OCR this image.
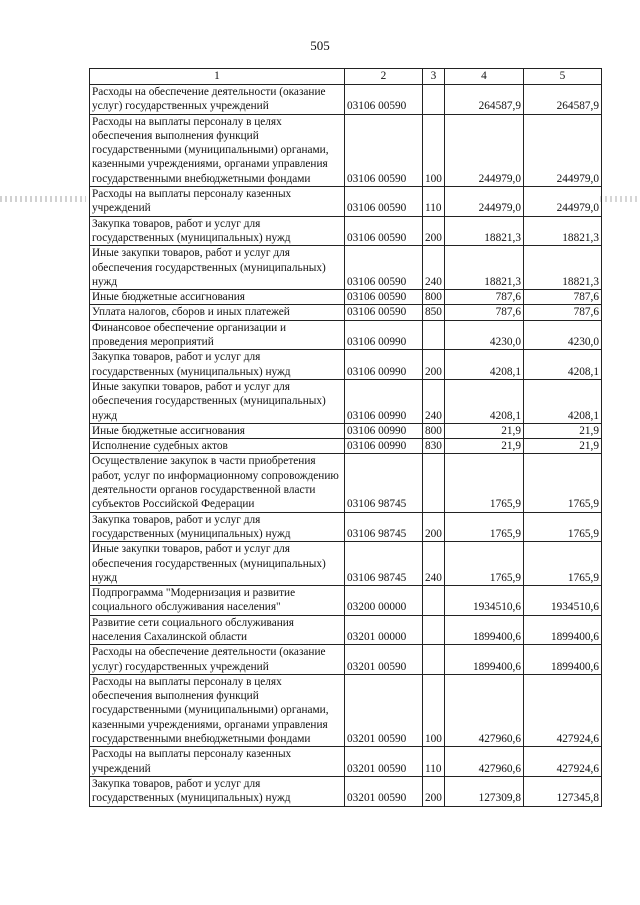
505
1	2	3	4	5
Расходы на обеспечение деятельности (оказание услуг) государственных учреждений	03106 00590		264587,9	264587,9
Расходы на выплаты персоналу в целях обеспечения выполнения функций государственными (муниципальными) органами, казенными учреждениями, органами управления государственными внебюджетными фондами	03106 00590	100	244979,0	244979,0
Расходы на выплаты персоналу казенных учреждений	03106 00590	110	244979,0	244979,0
Закупка товаров, работ и услуг для государственных (муниципальных) нужд	03106 00590	200	18821,3	18821,3
Иные закупки товаров, работ и услуг для обеспечения государственных (муниципальных) нужд	03106 00590	240	18821,3	18821,3
Иные бюджетные ассигнования	03106 00590	800	787,6	787,6
Уплата налогов, сборов и иных платежей	03106 00590	850	787,6	787,6
Финансовое обеспечение организации и проведения мероприятий	03106 00990		4230,0	4230,0
Закупка товаров, работ и услуг для государственных (муниципальных) нужд	03106 00990	200	4208,1	4208,1
Иные закупки товаров, работ и услуг для обеспечения государственных (муниципальных) нужд	03106 00990	240	4208,1	4208,1
Иные бюджетные ассигнования	03106 00990	800	21,9	21,9
Исполнение судебных актов	03106 00990	830	21,9	21,9
Осуществление закупок в части приобретения работ, услуг по информационному сопровождению деятельности органов государственной власти субъектов Российской Федерации	03106 98745		1765,9	1765,9
Закупка товаров, работ и услуг для государственных (муниципальных) нужд	03106 98745	200	1765,9	1765,9
Иные закупки товаров, работ и услуг для обеспечения государственных (муниципальных) нужд	03106 98745	240	1765,9	1765,9
Подпрограмма "Модернизация и развитие социального обслуживания населения"	03200 00000		1934510,6	1934510,6
Развитие сети социального обслуживания населения Сахалинской области	03201 00000		1899400,6	1899400,6
Расходы на обеспечение деятельности (оказание услуг) государственных учреждений	03201 00590		1899400,6	1899400,6
Расходы на выплаты персоналу в целях обеспечения выполнения функций государственными (муниципальными) органами, казенными учреждениями, органами управления государственными внебюджетными фондами	03201 00590	100	427960,6	427924,6
Расходы на выплаты персоналу казенных учреждений	03201 00590	110	427960,6	427924,6
Закупка товаров, работ и услуг для государственных (муниципальных) нужд	03201 00590	200	127309,8	127345,8
